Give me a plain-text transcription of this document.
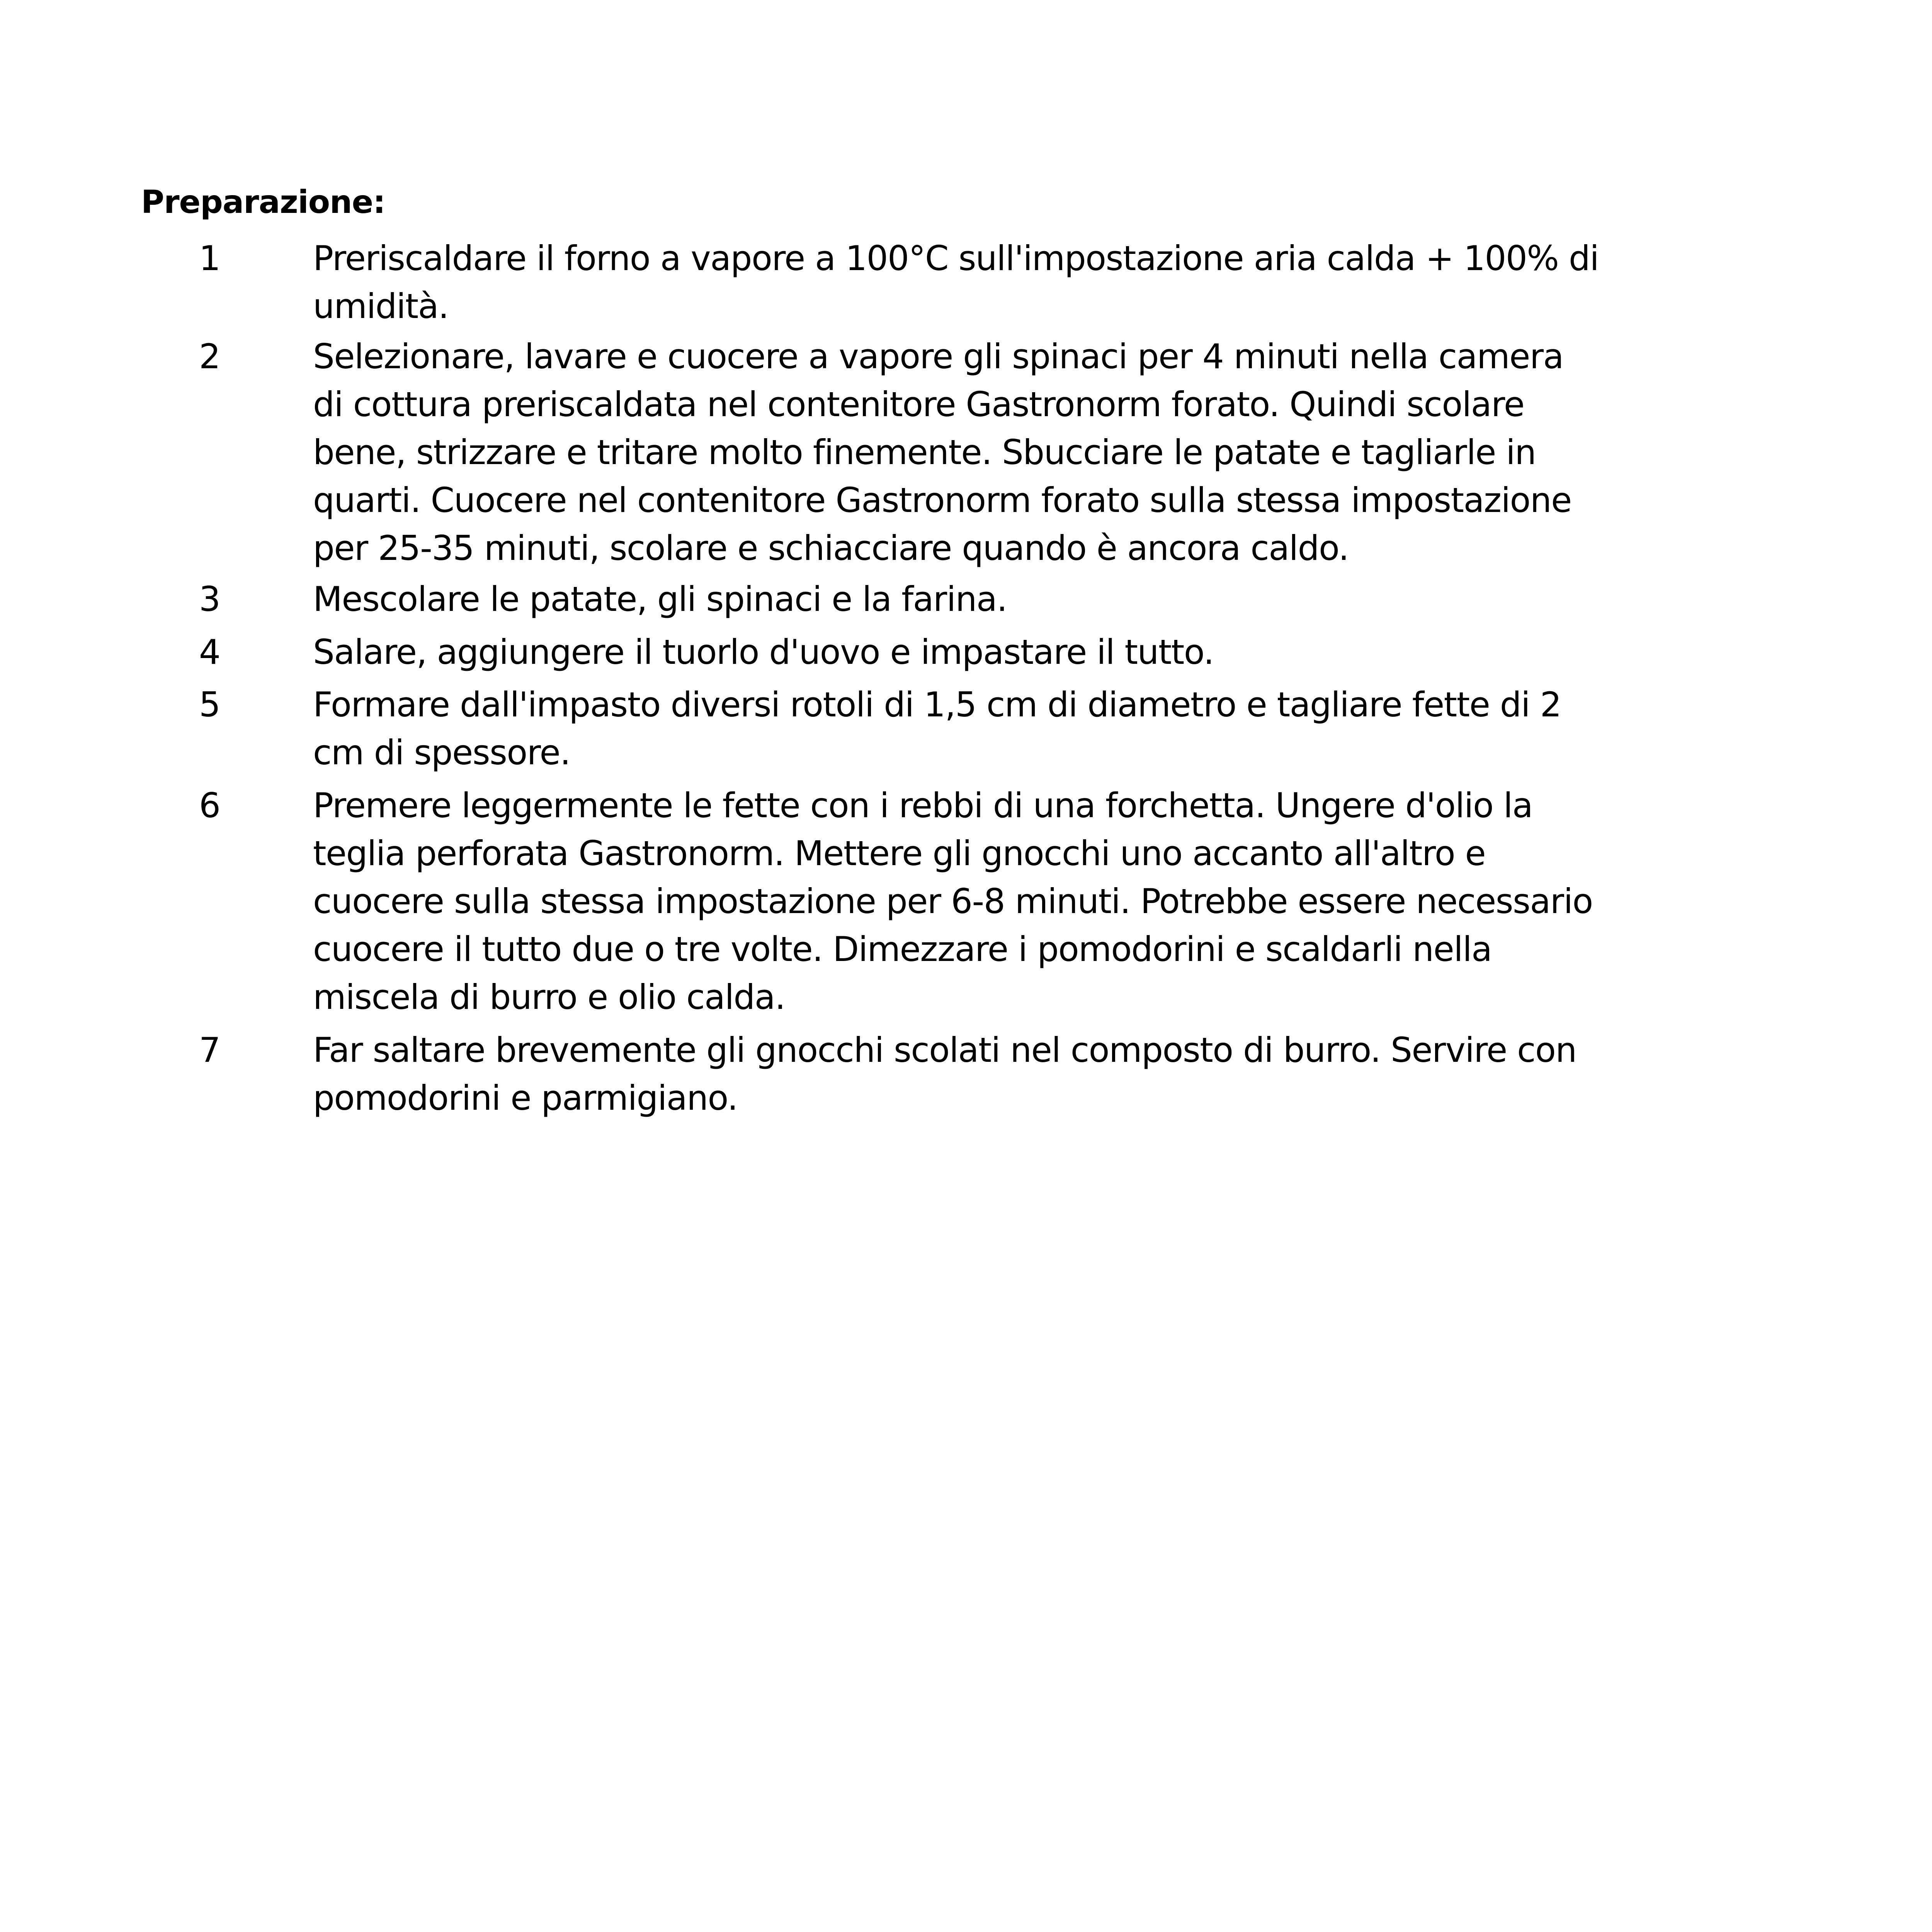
Preparazione:
1	Preriscaldare il forno a vapore a 100°C sull'impostazione aria calda + 100% di
umidità.

2	Selezionare, lavare e cuocere a vapore gli spinaci per 4 minuti nella camera
di cottura preriscaldata nel contenitore Gastronorm forato. Quindi scolare
bene, strizzare e tritare molto finemente. Sbucciare le patate e tagliarle in
quarti. Cuocere nel contenitore Gastronorm forato sulla stessa impostazione
per 25-35 minuti, scolare e schiacciare quando è ancora caldo.

3	Mescolare le patate, gli spinaci e la farina.

4	Salare, aggiungere il tuorlo d'uovo e impastare il tutto.

5	Formare dall'impasto diversi rotoli di 1,5 cm di diametro e tagliare fette di 2
cm di spessore.

6	Premere leggermente le fette con i rebbi di una forchetta. Ungere d'olio la
teglia perforata Gastronorm. Mettere gli gnocchi uno accanto all'altro e
cuocere sulla stessa impostazione per 6-8 minuti. Potrebbe essere necessario
cuocere il tutto due o tre volte. Dimezzare i pomodorini e scaldarli nella
miscela di burro e olio calda.

7	Far saltare brevemente gli gnocchi scolati nel composto di burro. Servire con
pomodorini e parmigiano.
